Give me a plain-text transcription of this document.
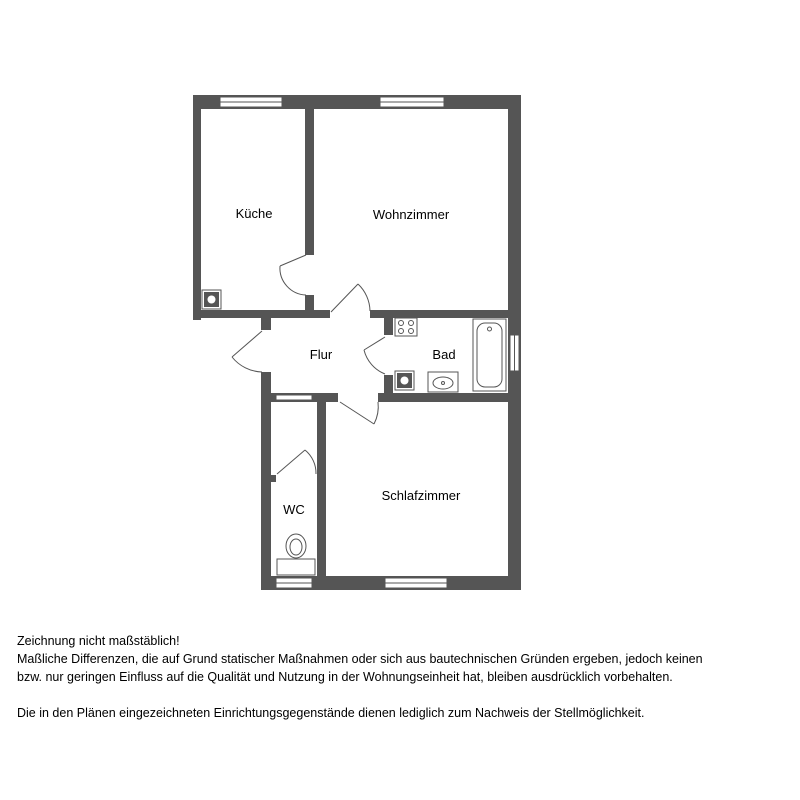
Küche	Wohnzimmer
Flur	Bad
WC
Schlafzimmer

Zeichnung nicht maßstäblich!

Maßliche Differenzen, die auf Grund statischer Maßnahmen oder sich aus bautechnischen Gründen ergeben, jedoch keinen

bzw. nur geringen Einfluss auf die Qualität und Nutzung in der Wohnungseinheit hat, bleiben ausdrücklich vorbehalten.

Die in den Plänen eingezeichneten Einrichtungsgegenstände dienen lediglich zum Nachweis der Stellmöglichkeit.
